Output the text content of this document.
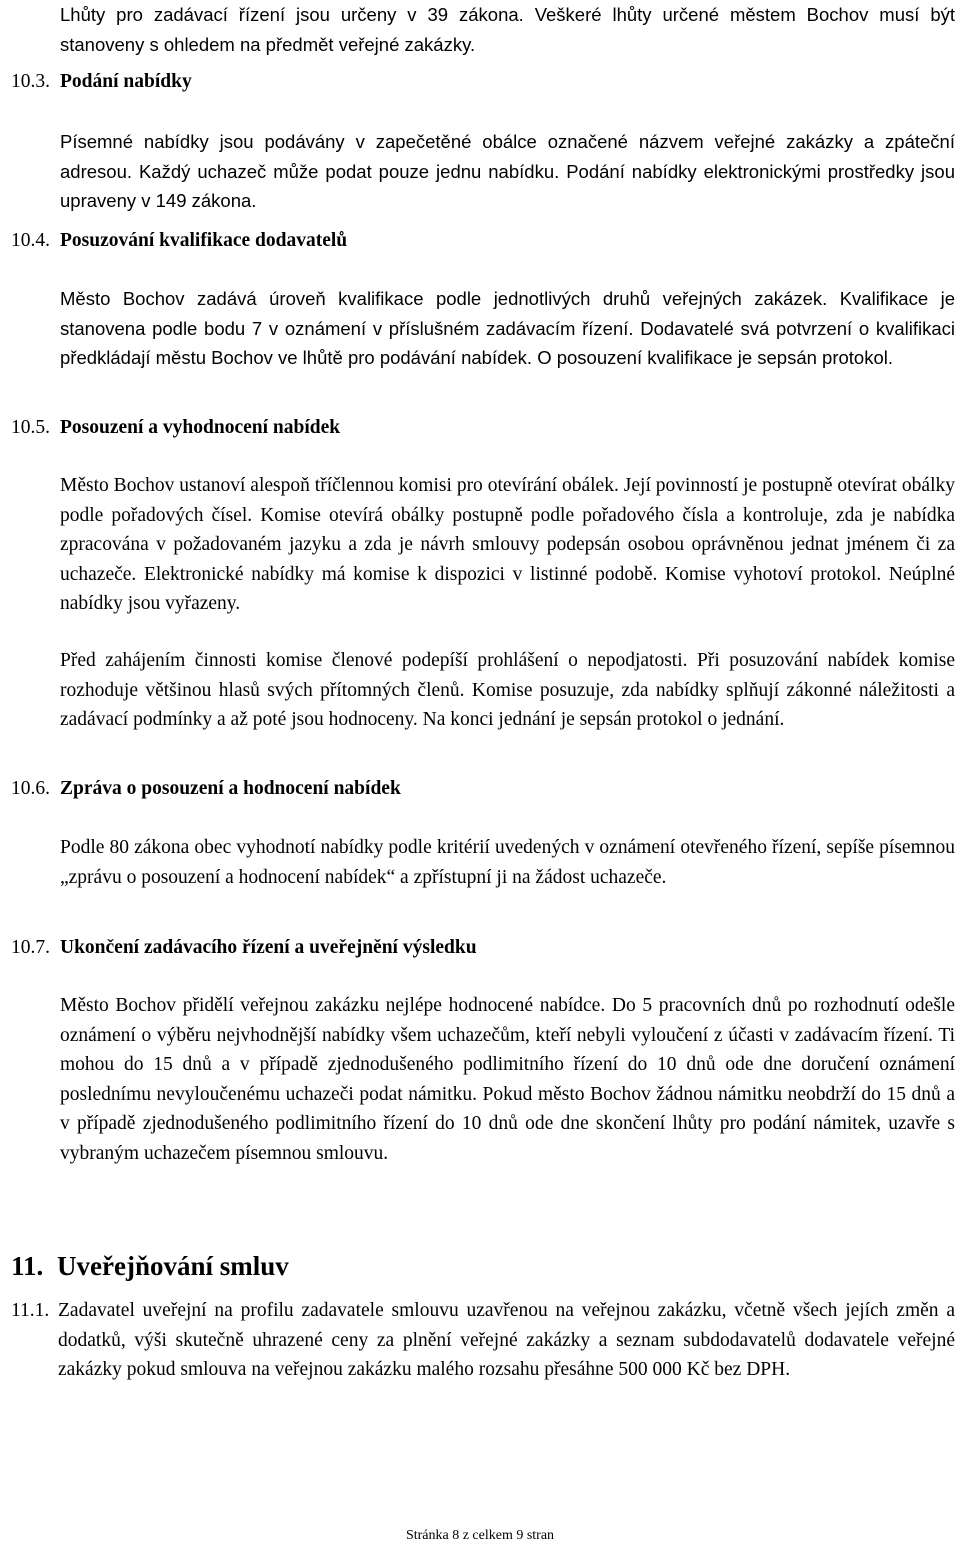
Lhůty pro zadávací řízení jsou určeny v 39 zákona. Veškeré lhůty určené městem Bochov musí být stanoveny s ohledem na předmět veřejné zakázky.
10.3. Podání nabídky
Písemné nabídky jsou podávány v zapečetěné obálce označené názvem veřejné zakázky a zpáteční adresou. Každý uchazeč může podat pouze jednu nabídku. Podání nabídky elektronickými prostředky jsou upraveny v 149 zákona.
10.4. Posuzování kvalifikace dodavatelů
Město Bochov zadává úroveň kvalifikace podle jednotlivých druhů veřejných zakázek. Kvalifikace je stanovena podle bodu 7 v oznámení v příslušném zadávacím řízení. Dodavatelé svá potvrzení o kvalifikaci předkládají městu Bochov ve lhůtě pro podávání nabídek. O posouzení kvalifikace je sepsán protokol.
10.5. Posouzení a vyhodnocení nabídek
Město Bochov ustanoví alespoň tříčlennou komisi pro otevírání obálek. Její povinností je postupně otevírat obálky podle pořadových čísel. Komise otevírá obálky postupně podle pořadového čísla a kontroluje, zda je nabídka zpracována v požadovaném jazyku a zda je návrh smlouvy podepsán osobou oprávněnou jednat jménem či za uchazeče. Elektronické nabídky má komise k dispozici v listinné podobě. Komise vyhotoví protokol. Neúplné nabídky jsou vyřazeny.
Před zahájením činnosti komise členové podepíší prohlášení o nepodjatosti. Při posuzování nabídek komise rozhoduje většinou hlasů svých přítomných členů. Komise posuzuje, zda nabídky splňují zákonné náležitosti a zadávací podmínky a až poté jsou hodnoceny. Na konci jednání je sepsán protokol o jednání.
10.6. Zpráva o posouzení a hodnocení nabídek
Podle 80 zákona obec vyhodnotí nabídky podle kritérií uvedených v oznámení otevřeného řízení, sepíše písemnou „zprávu o posouzení a hodnocení nabídek“ a zpřístupní ji na žádost uchazeče.
10.7. Ukončení zadávacího řízení a uveřejnění výsledku
Město Bochov přidělí veřejnou zakázku nejlépe hodnocené nabídce. Do 5 pracovních dnů po rozhodnutí odešle oznámení o výběru nejvhodnější nabídky všem uchazečům, kteří nebyli vyloučení z účasti v zadávacím řízení. Ti mohou do 15 dnů a v případě zjednodušeného podlimitního řízení do 10 dnů ode dne doručení oznámení poslednímu nevyloučenému uchazeči podat námitku. Pokud město Bochov žádnou námitku neobdrží do 15 dnů a v případě zjednodušeného podlimitního řízení do 10 dnů ode dne skončení lhůty pro podání námitek, uzavře s vybraným uchazečem písemnou smlouvu.
11. Uveřejňování smluv
11.1. Zadavatel uveřejní na profilu zadavatele smlouvu uzavřenou na veřejnou zakázku, včetně všech jejích změn a dodatků, výši skutečně uhrazené ceny za plnění veřejné zakázky a seznam subdodavatelů dodavatele veřejné zakázky pokud smlouva na veřejnou zakázku malého rozsahu přesáhne 500 000 Kč bez DPH.
Stránka 8 z celkem 9 stran
